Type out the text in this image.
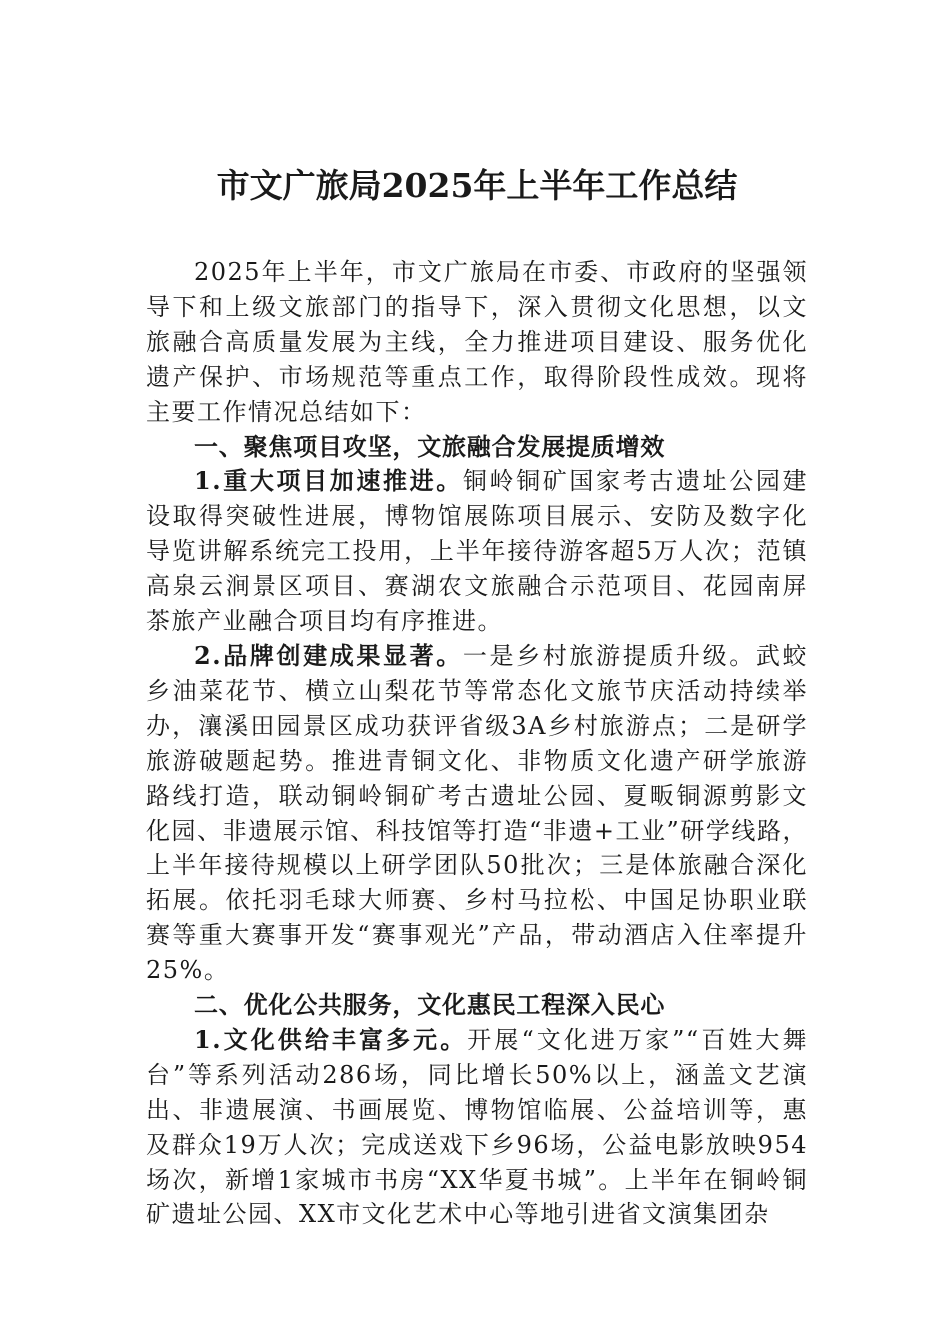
市文广旅局2025年上半年工作总结

2025年上半年，市文广旅局在市委、市政府的坚强领导下和上级文旅部门的指导下，深入贯彻文化思想，以文旅融合高质量发展为主线，全力推进项目建设、服务优化遗产保护、市场规范等重点工作，取得阶段性成效。现将主要工作情况总结如下：

一、聚焦项目攻坚，文旅融合发展提质增效

1.重大项目加速推进。铜岭铜矿国家考古遗址公园建设取得突破性进展，博物馆展陈项目展示、安防及数字化导览讲解系统完工投用，上半年接待游客超5万人次；范镇高泉云涧景区项目、赛湖农文旅融合示范项目、花园南屏茶旅产业融合项目均有序推进。

2.品牌创建成果显著。一是乡村旅游提质升级。武蛟乡油菜花节、横立山梨花节等常态化文旅节庆活动持续举办，瀼溪田园景区成功获评省级3A乡村旅游点；二是研学旅游破题起势。推进青铜文化、非物质文化遗产研学旅游路线打造，联动铜岭铜矿考古遗址公园、夏畈铜源剪影文化园、非遗展示馆、科技馆等打造“非遗+工业”研学线路，上半年接待规模以上研学团队50批次；三是体旅融合深化拓展。依托羽毛球大师赛、乡村马拉松、中国足协职业联赛等重大赛事开发“赛事观光”产品，带动酒店入住率提升25%。

二、优化公共服务，文化惠民工程深入民心

1.文化供给丰富多元。开展“文化进万家”“百姓大舞台”等系列活动286场，同比增长50%以上，涵盖文艺演出、非遗展演、书画展览、博物馆临展、公益培训等，惠及群众19万人次；完成送戏下乡96场，公益电影放映954场次，新增1家城市书房“XX华夏书城”。上半年在铜岭铜矿遗址公园、XX市文化艺术中心等地引进省文演集团杂
